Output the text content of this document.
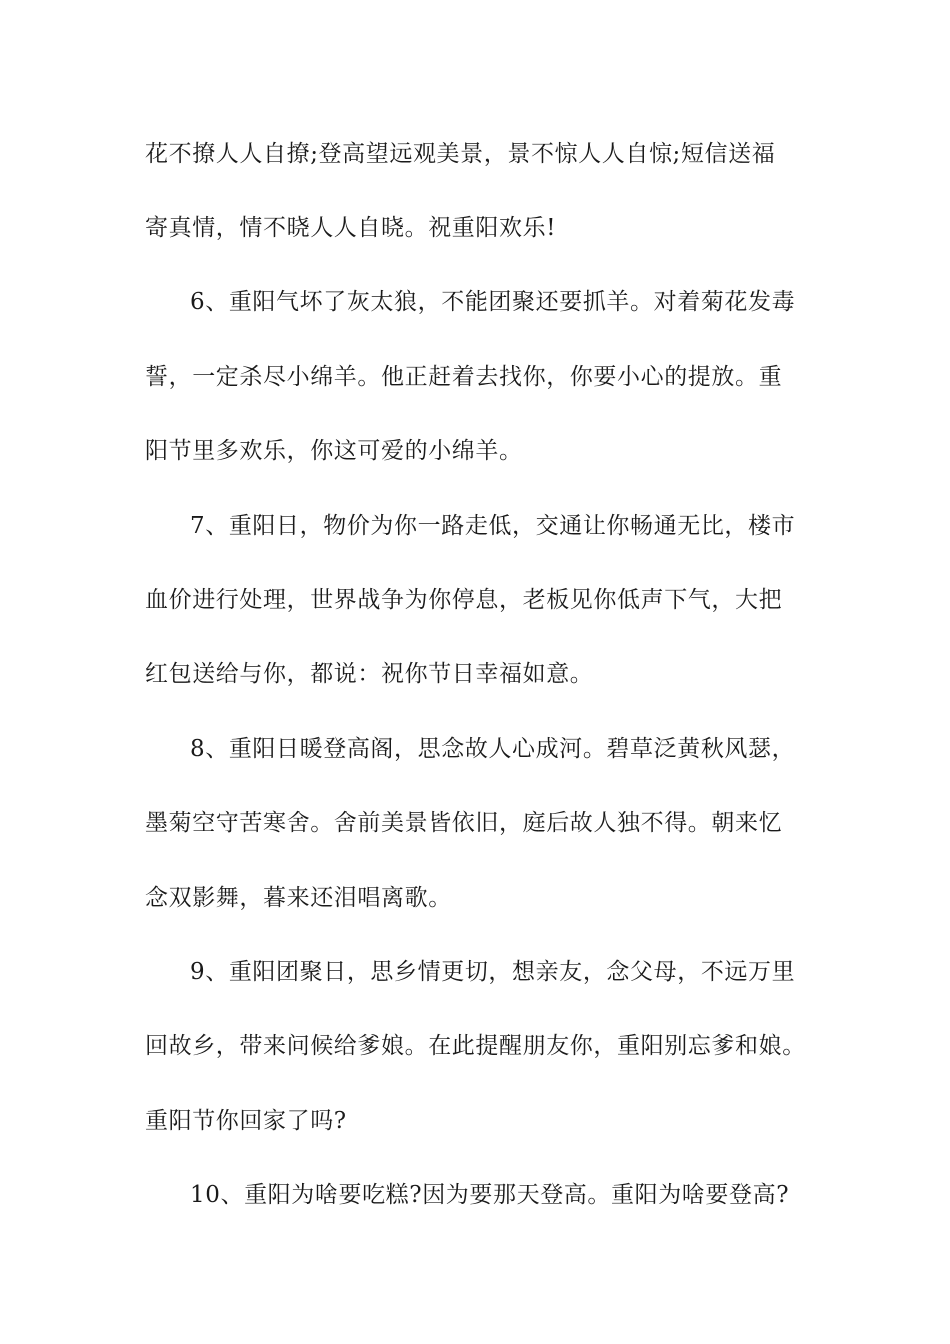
花不撩人人自撩;登高望远观美景，景不惊人人自惊;短信送福
寄真情，情不晓人人自晓。祝重阳欢乐!
6、重阳气坏了灰太狼，不能团聚还要抓羊。对着菊花发毒
誓，一定杀尽小绵羊。他正赶着去找你，你要小心的提放。重
阳节里多欢乐，你这可爱的小绵羊。
7、重阳日，物价为你一路走低，交通让你畅通无比，楼市
血价进行处理，世界战争为你停息，老板见你低声下气，大把
红包送给与你，都说：祝你节日幸福如意。
8、重阳日暖登高阁，思念故人心成河。碧草泛黄秋风瑟，
墨菊空守苦寒舍。舍前美景皆依旧，庭后故人独不得。朝来忆
念双影舞，暮来还泪唱离歌。
9、重阳团聚日，思乡情更切，想亲友，念父母，不远万里
回故乡，带来问候给爹娘。在此提醒朋友你，重阳别忘爹和娘。
重阳节你回家了吗?
10、重阳为啥要吃糕?因为要那天登高。重阳为啥要登高?
